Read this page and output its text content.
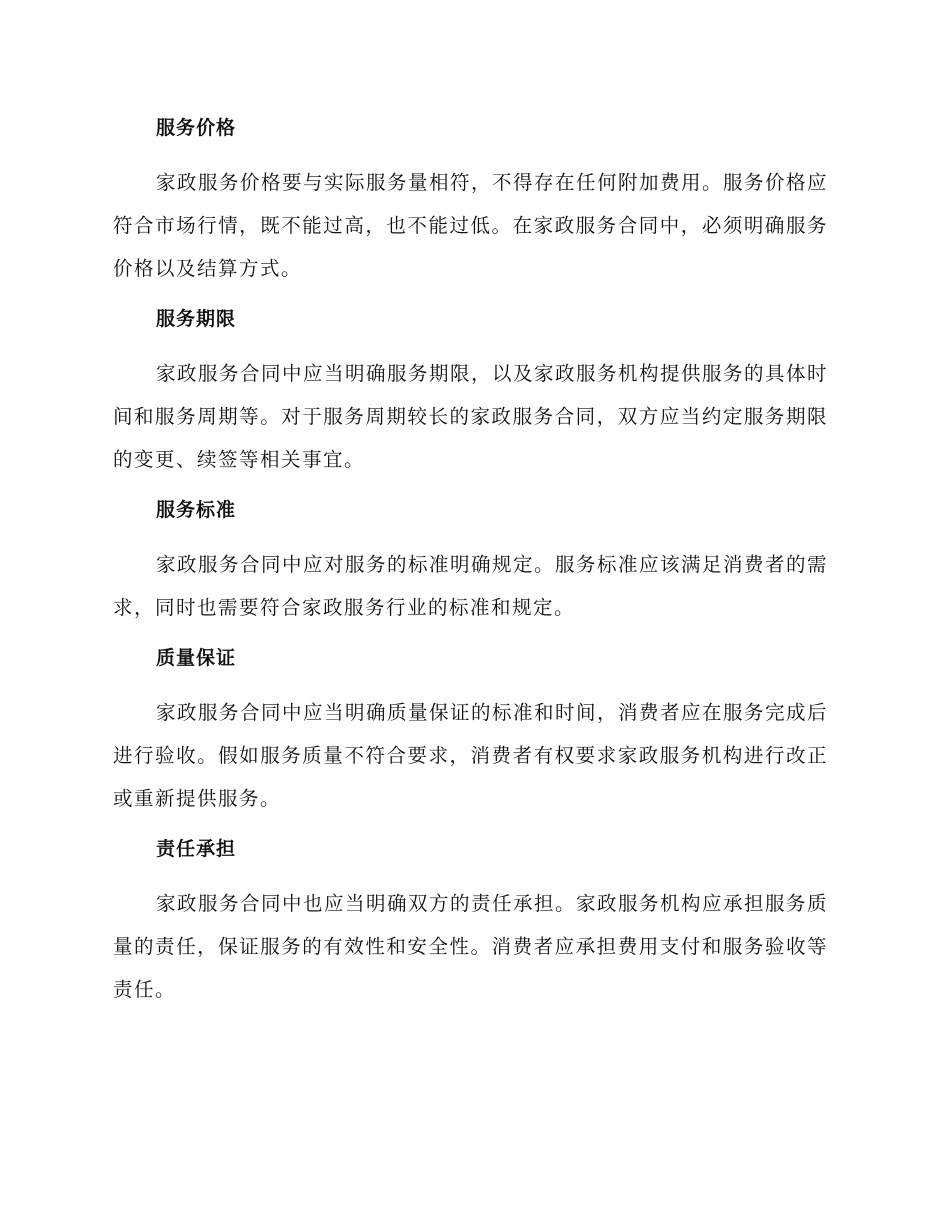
服务价格

家政服务价格要与实际服务量相符，不得存在任何附加费用。服务价格应符合市场行情，既不能过高，也不能过低。在家政服务合同中，必须明确服务价格以及结算方式。

服务期限

家政服务合同中应当明确服务期限，以及家政服务机构提供服务的具体时间和服务周期等。对于服务周期较长的家政服务合同，双方应当约定服务期限的变更、续签等相关事宜。

服务标准

家政服务合同中应对服务的标准明确规定。服务标准应该满足消费者的需求，同时也需要符合家政服务行业的标准和规定。

质量保证

家政服务合同中应当明确质量保证的标准和时间，消费者应在服务完成后进行验收。假如服务质量不符合要求，消费者有权要求家政服务机构进行改正或重新提供服务。

责任承担

家政服务合同中也应当明确双方的责任承担。家政服务机构应承担服务质量的责任，保证服务的有效性和安全性。消费者应承担费用支付和服务验收等责任。
